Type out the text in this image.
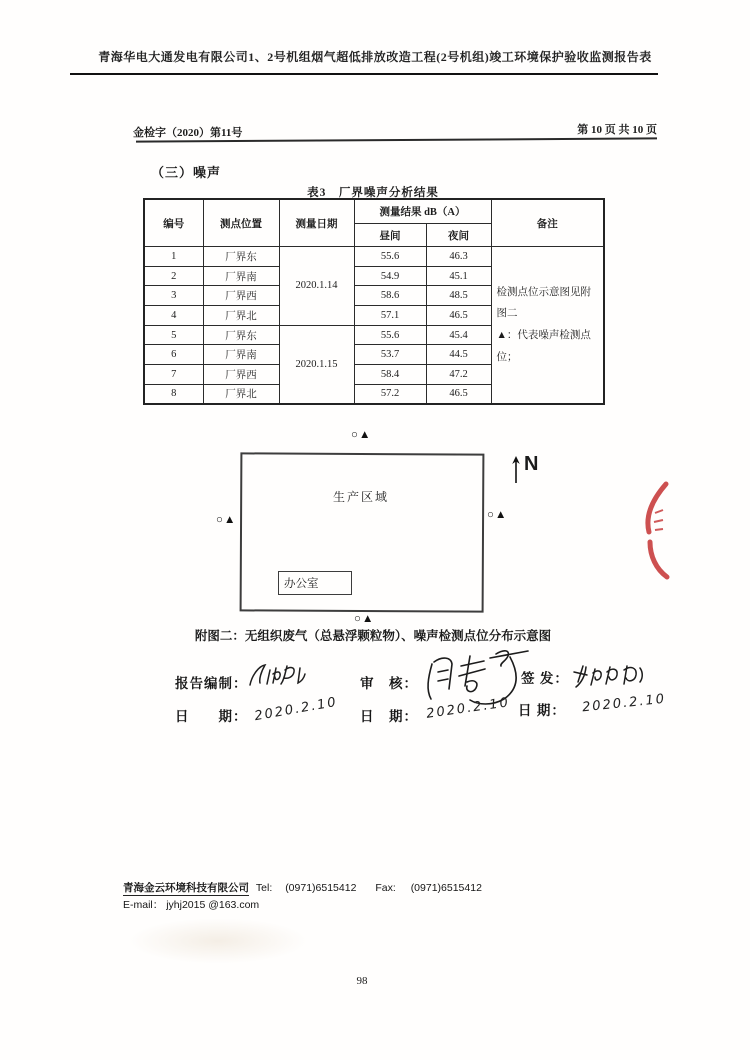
青海华电大通发电有限公司1、2号机组烟气超低排放改造工程(2号机组)竣工环境保护验收监测报告表
金检字（2020）第11号	第 10 页 共 10 页
（三）噪声
表3　厂界噪声分析结果
编号	测点位置	测量日期	测量结果 dB（A）		备注
			昼间	夜间	
1	厂界东	2020.1.14	55.6	46.3	检测点位示意图见附图二
▲：代表噪声检测点位；

2	厂界南		54.9	45.1	
3	厂界西		58.6	48.5	
4	厂界北		57.1	46.5	
5	厂界东	2020.1.15	55.6	45.4	
6	厂界南		53.7	44.5	
7	厂界西		58.4	47.2	
8	厂界北		57.2	46.5	
生产区域
办公室
○▲
○▲	○▲
○▲
N
附图二：无组织废气（总悬浮颗粒物）、噪声检测点位分布示意图
报告编制：
日　　期： 2020.2.10
审　核：
日　期： 2020.2.10
签 发：
日 期： 2020.2.10
青海金云环境科技有限公司 Tel: (0971)6515412 Fax: (0971)6515412
E-mail： jyhj2015 @163.com
98
